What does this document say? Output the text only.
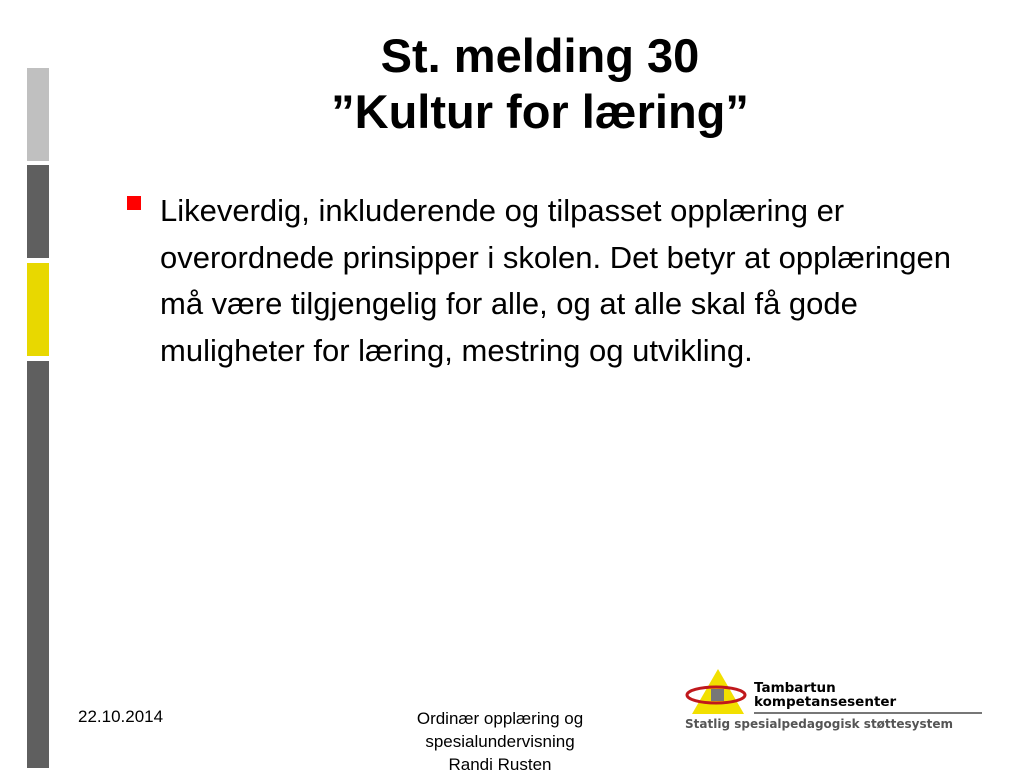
St. melding 30
”Kultur for læring”
Likeverdig, inkluderende og tilpasset opplæring er overordnede prinsipper i skolen. Det betyr at opplæringen må være tilgjengelig for alle, og at alle skal få gode muligheter for læring, mestring og utvikling.
22.10.2014	Ordinær opplæring og
spesialundervisning
Randi Rusten
Tambartun
kompetansesenter
Statlig spesialpedagogisk støttesystem
